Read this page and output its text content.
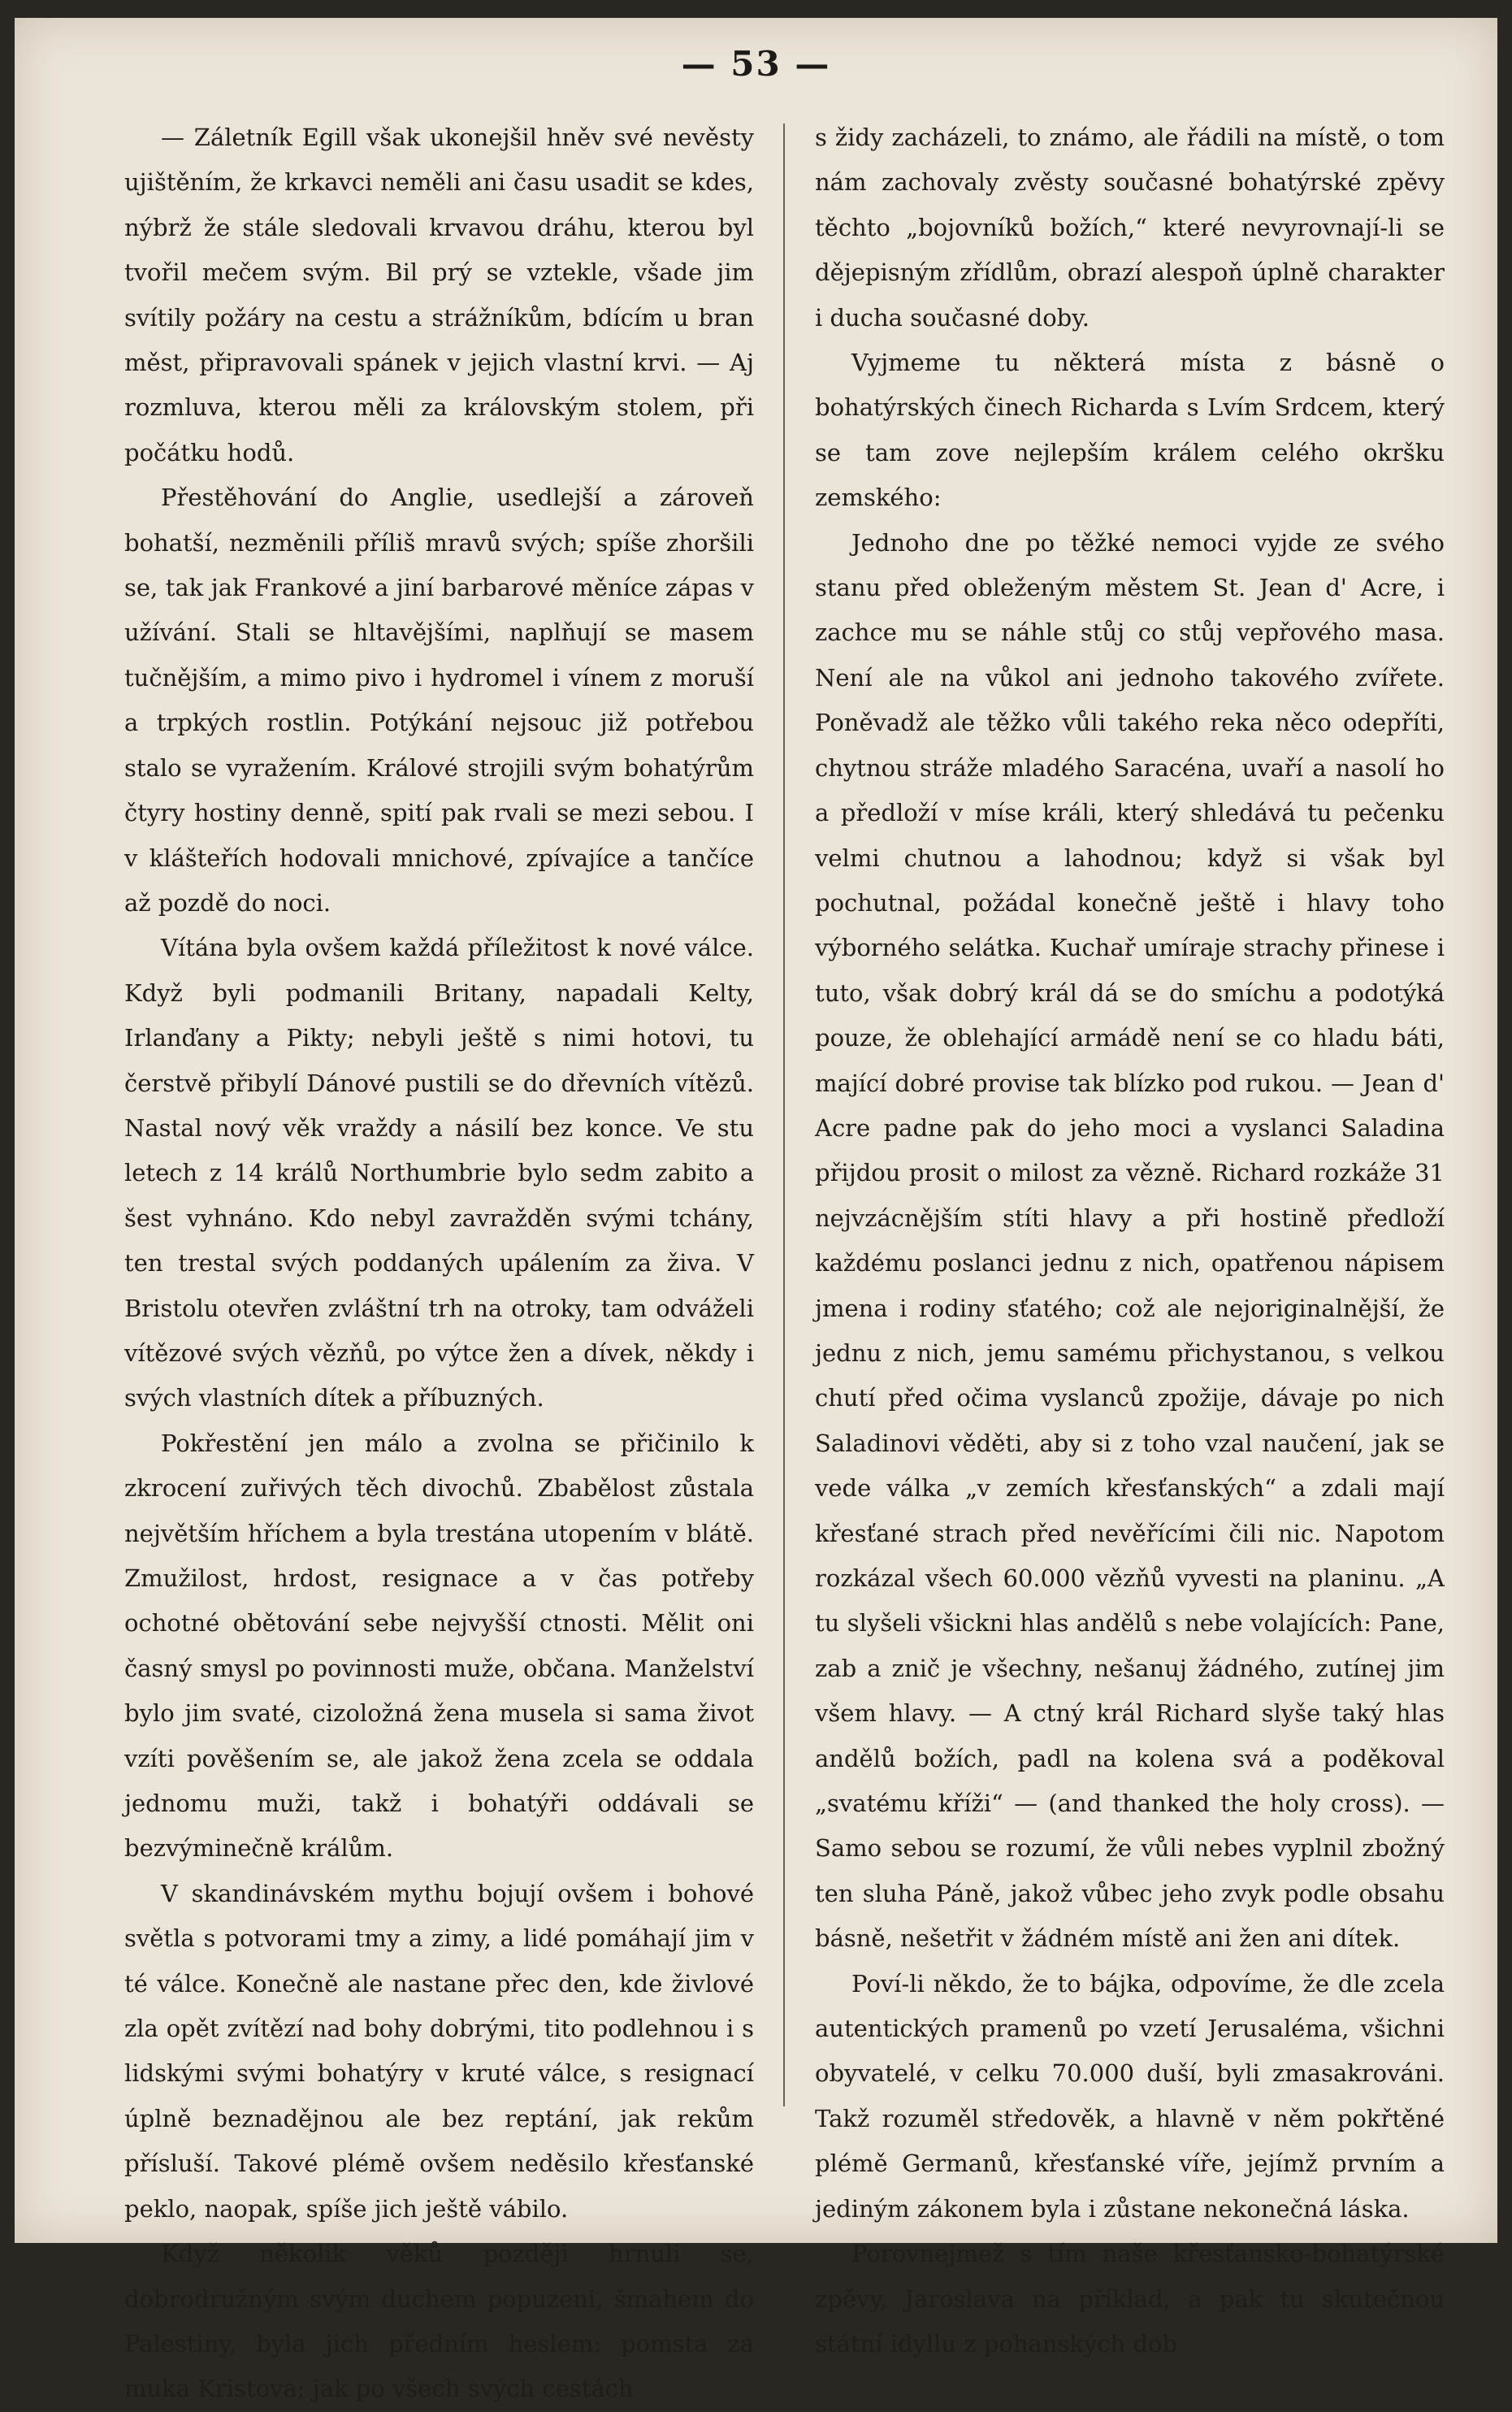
— 53 —

— Záletník Egill však ukonejšil hněv své nevěsty ujištěním, že krkavci neměli ani času usadit se kdes, nýbrž že stále sledovali krvavou dráhu, kterou byl tvořil mečem svým. Bil prý se vztekle, všade jim svítily požáry na cestu a strážníkům, bdícím u bran měst, připravovali spánek v jejich vlastní krvi. — Aj rozmluva, kterou měli za královským stolem, při počátku hodů.

Přestěhování do Anglie, usedlejší a zároveň bohatší, nezměnili příliš mravů svých; spíše zhoršili se, tak jak Frankové a jiní barbarové měníce zápas v užívání. Stali se hltavějšími, naplňují se masem tučnějším, a mimo pivo i hydromel i vínem z moruší a trpkých rostlin. Potýkání nejsouc již potřebou stalo se vyražením. Králové strojili svým bohatýrům čtyry hostiny denně, spití pak rvali se mezi sebou. I v klášteřích hodovali mnichové, zpívajíce a tančíce až pozdě do noci.

Vítána byla ovšem každá příležitost k nové válce. Když byli podmanili Britany, napadali Kelty, Irlanďany a Pikty; nebyli ještě s nimi hotovi, tu čerstvě přibylí Dánové pustili se do dřevních vítězů. Nastal nový věk vraždy a násilí bez konce. Ve stu letech z 14 králů Northumbrie bylo sedm zabito a šest vyhnáno. Kdo nebyl zavražděn svými tchány, ten trestal svých poddaných upálením za živa. V Bristolu otevřen zvláštní trh na otroky, tam odváželi vítězové svých vězňů, po výtce žen a dívek, někdy i svých vlastních dítek a příbuzných.

Pokřestění jen málo a zvolna se přičinilo k zkrocení zuřivých těch divochů. Zbabělost zůstala největším hříchem a byla trestána utopením v blátě. Zmužilost, hrdost, resignace a v čas potřeby ochotné obětování sebe nejvyšší ctnosti. Mělit oni časný smysl po povinnosti muže, občana. Manželství bylo jim svaté, cizoložná žena musela si sama život vzíti pověšením se, ale jakož žena zcela se oddala jednomu muži, takž i bohatýři oddávali se bezvýminečně králům.

V skandinávském mythu bojují ovšem i bohové světla s potvorami tmy a zimy, a lidé pomáhají jim v té válce. Konečně ale nastane přec den, kde živlové zla opět zvítězí nad bohy dobrými, tito podlehnou i s lidskými svými bohatýry v kruté válce, s resignací úplně beznadějnou ale bez reptání, jak rekům přísluší. Takové plémě ovšem neděsilo křesťanské peklo, naopak, spíše jich ještě vábilo.

Když několik věků později hrnuli se, dobrodružným svým duchem popuzeni, šmahem do Palestiny, byla jich předním heslem: pomsta za muka Kristova; jak po všech svých cestách

s židy zacházeli, to známo, ale řádili na místě, o tom nám zachovaly zvěsty současné bohatýrské zpěvy těchto „bojovníků božích,“ které nevyrovnají-li se dějepisným zřídlům, obrazí alespoň úplně charakter i ducha současné doby.

Vyjmeme tu některá místa z básně o bohatýrských činech Richarda s Lvím Srdcem, který se tam zove nejlepším králem celého okršku zemského:

Jednoho dne po těžké nemoci vyjde ze svého stanu před obleženým městem St. Jean d' Acre, i zachce mu se náhle stůj co stůj vepřového masa. Není ale na vůkol ani jednoho takového zvířete. Poněvadž ale těžko vůli takého reka něco odepříti, chytnou stráže mladého Saracéna, uvaří a nasolí ho a předloží v míse králi, který shledává tu pečenku velmi chutnou a lahodnou; když si však byl pochutnal, požádal konečně ještě i hlavy toho výborného selátka. Kuchař umíraje strachy přinese i tuto, však dobrý král dá se do smíchu a podotýká pouze, že oblehající armádě není se co hladu báti, mající dobré provise tak blízko pod rukou. — Jean d' Acre padne pak do jeho moci a vyslanci Saladina přijdou prosit o milost za vězně. Richard rozkáže 31 nejvzácnějším stíti hlavy a při hostině předloží každému poslanci jednu z nich, opatřenou nápisem jmena i rodiny sťatého; což ale nejoriginalnější, že jednu z nich, jemu samému přichystanou, s velkou chutí před očima vyslanců zpožije, dávaje po nich Saladinovi věděti, aby si z toho vzal naučení, jak se vede válka „v zemích křesťanských“ a zdali mají křesťané strach před nevěřícími čili nic. Napotom rozkázal všech 60.000 vězňů vyvesti na planinu. „A tu slyšeli všickni hlas andělů s nebe volajících: Pane, zab a znič je všechny, nešanuj žádného, zutínej jim všem hlavy. — A ctný král Richard slyše taký hlas andělů božích, padl na kolena svá a poděkoval „svatému kříži“ — (and thanked the holy cross). — Samo sebou se rozumí, že vůli nebes vyplnil zbožný ten sluha Páně, jakož vůbec jeho zvyk podle obsahu básně, nešetřit v žádném místě ani žen ani dítek.

Poví-li někdo, že to bájka, odpovíme, že dle zcela autentických pramenů po vzetí Jerusaléma, všichni obyvatelé, v celku 70.000 duší, byli zmasakrováni. Takž rozuměl středověk, a hlavně v něm pokřtěné plémě Germanů, křesťanské víře, jejímž prvním a jediným zákonem byla i zůstane nekonečná láska.

Porovnejmež s tím naše křesťansko-bohatýrské zpěvy, Jaroslava na příklad, a pak tu skutečnou státní idyllu z pohanských dob
